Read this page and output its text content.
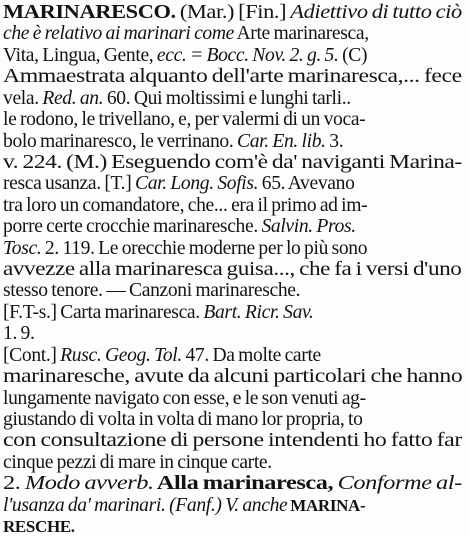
MARINARESCO. (Mar.) [Fin.] Adiettivo di tutto ciò
che è relativo ai marinari come Arte marinaresca,
Vita, Lingua, Gente, ecc. = Bocc. Nov. 2. g. 5. (C)
Ammaestrata alquanto dell'arte marinaresca,... fece
vela. Red. an. 60. Qui moltissimi e lunghi tarli..
le rodono, le trivellano, e, per valermi di un voca-
bolo marinaresco, le verrinano. Car. En. lib. 3.
v. 224. (M.) Eseguendo com'è da' naviganti Marina-
resca usanza. [T.] Car. Long. Sofis. 65. Avevano
tra loro un comandatore, che... era il primo ad im-
porre certe crocchie marinaresche. Salvin. Pros.
Tosc. 2. 119. Le orecchie moderne per lo più sono
avvezze alla marinaresca guisa..., che fa i versi d'uno
stesso tenore. — Canzoni marinaresche.
[F.T-s.] Carta marinaresca. Bart. Ricr. Sav.
1. 9.
[Cont.] Rusc. Geog. Tol. 47. Da molte carte
marinaresche, avute da alcuni particolari che hanno
lungamente navigato con esse, e le son venuti ag-
giustando di volta in volta di mano lor propria, to
con consultazione di persone intendenti ho fatto far
cinque pezzi di mare in cinque carte.
2. Modo avverb. Alla marinaresca, Conforme al-
l'usanza da' marinari. (Fanf.) V. anche MARINA-
RESCHE.
